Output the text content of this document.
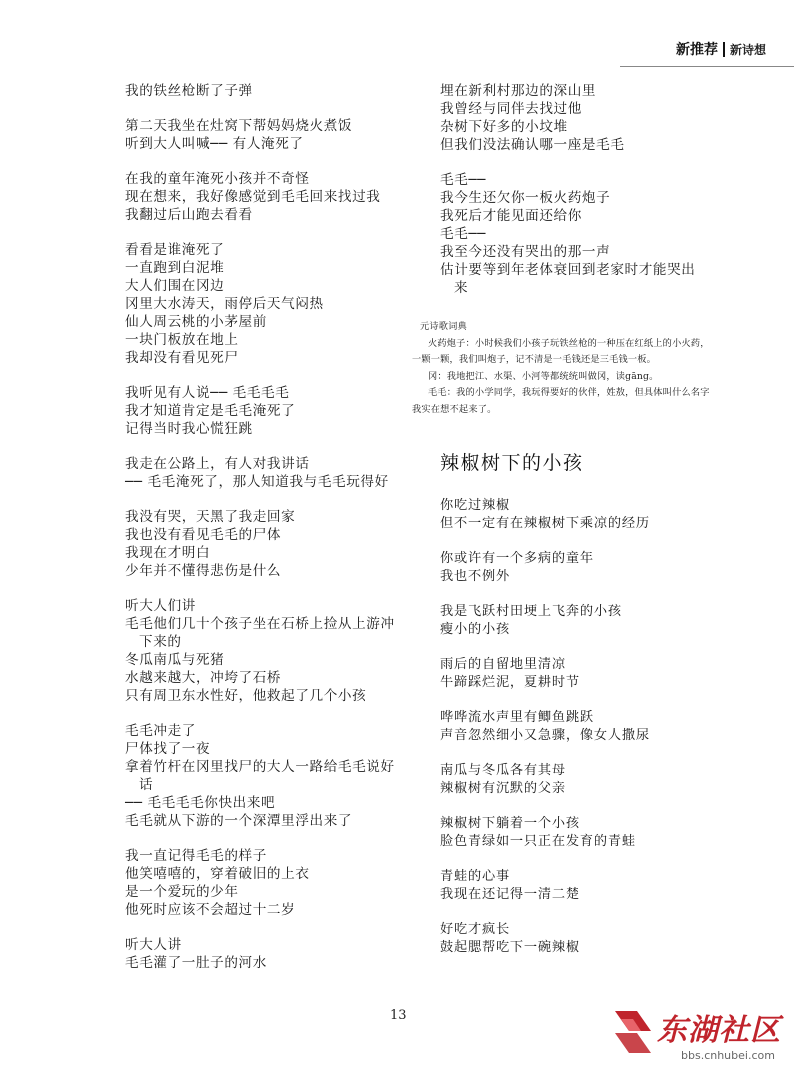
新推荐 新诗想
我的铁丝枪断了子弹
第二天我坐在灶窝下帮妈妈烧火煮饭
听到大人叫喊── 有人淹死了
在我的童年淹死小孩并不奇怪
现在想来，我好像感觉到毛毛回来找过我
我翻过后山跑去看看
看看是谁淹死了
一直跑到白泥堆
大人们围在冈边
冈里大水涛天，雨停后天气闷热
仙人周云桃的小茅屋前
一块门板放在地上
我却没有看见死尸
我听见有人说── 毛毛毛毛
我才知道肯定是毛毛淹死了
记得当时我心慌狂跳
我走在公路上，有人对我讲话
── 毛毛淹死了，那人知道我与毛毛玩得好
我没有哭，天黑了我走回家
我也没有看见毛毛的尸体
我现在才明白
少年并不懂得悲伤是什么
听大人们讲
毛毛他们几十个孩子坐在石桥上捡从上游冲下来的
冬瓜南瓜与死猪
水越来越大，冲垮了石桥
只有周卫东水性好，他救起了几个小孩
毛毛冲走了
尸体找了一夜
拿着竹杆在冈里找尸的大人一路给毛毛说好话
── 毛毛毛毛你快出来吧
毛毛就从下游的一个深潭里浮出来了
我一直记得毛毛的样子
他笑嘻嘻的，穿着破旧的上衣
是一个爱玩的少年
他死时应该不会超过十二岁
听大人讲
毛毛灌了一肚子的河水
埋在新利村那边的深山里
我曾经与同伴去找过他
杂树下好多的小坟堆
但我们没法确认哪一座是毛毛
毛毛──
我今生还欠你一板火药炮子
我死后才能见面还给你
毛毛──
我至今还没有哭出的那一声
估计要等到年老体衰回到老家时才能哭出来
元诗歌词典
火药炮子：小时候我们小孩子玩铁丝枪的一种压在红纸上的小火药，一颗一颗，我们叫炮子，记不清是一毛钱还是三毛钱一板。
冈：我地把江、水渠、小河等都统统叫做冈，读gāng。
毛毛：我的小学同学，我玩得要好的伙伴，姓敖，但具体叫什么名字我实在想不起来了。
辣椒树下的小孩
你吃过辣椒
但不一定有在辣椒树下乘凉的经历
你或许有一个多病的童年
我也不例外
我是飞跃村田埂上飞奔的小孩
瘦小的小孩
雨后的自留地里清凉
牛蹄踩烂泥，夏耕时节
哗哗流水声里有鲫鱼跳跃
声音忽然细小又急骤，像女人撒尿
南瓜与冬瓜各有其母
辣椒树有沉默的父亲
辣椒树下躺着一个小孩
脸色青绿如一只正在发育的青蛙
青蛙的心事
我现在还记得一清二楚
好吃才疯长
鼓起腮帮吃下一碗辣椒
13	东湖社区
bbs.cnhubei.com
